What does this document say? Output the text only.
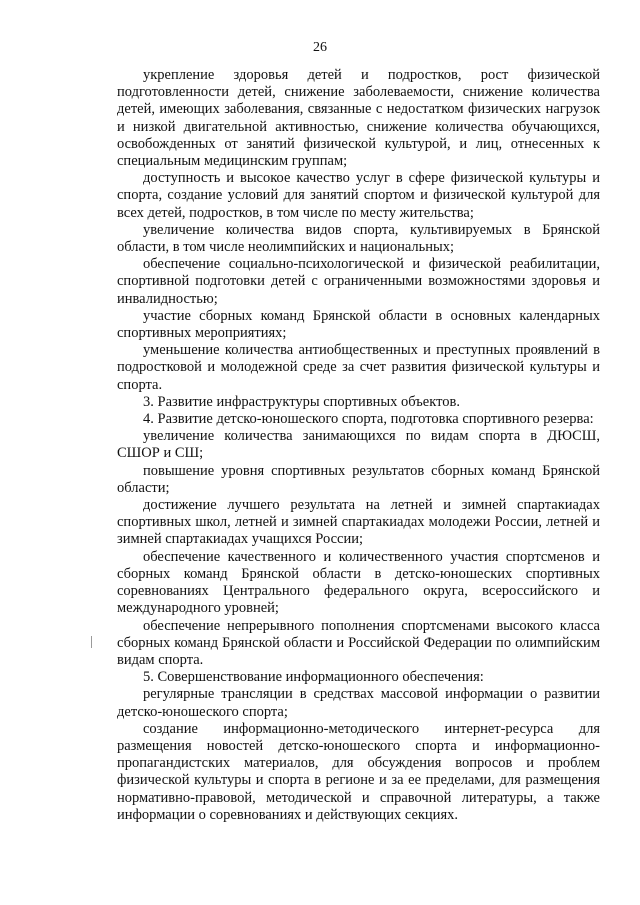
26

укрепление здоровья детей и подростков, рост физической подготовленности детей, снижение заболеваемости, снижение количества детей, имеющих заболевания, связанные с недостатком физических нагрузок и низкой двигательной активностью, снижение количества обучающихся, освобожденных от занятий физической культурой, и лиц, отнесенных к специальным медицинским группам;

доступность и высокое качество услуг в сфере физической культуры и спорта, создание условий для занятий спортом и физической культурой для всех детей, подростков, в том числе по месту жительства;

увеличение количества видов спорта, культивируемых в Брянской области, в том числе неолимпийских и национальных;

обеспечение социально-психологической и физической реабилитации, спортивной подготовки детей с ограниченными возможностями здоровья и инвалидностью;

участие сборных команд Брянской области в основных календарных спортивных мероприятиях;

уменьшение количества антиобщественных и преступных проявлений в подростковой и молодежной среде за счет развития физической культуры и спорта.

3. Развитие инфраструктуры спортивных объектов.

4. Развитие детско-юношеского спорта, подготовка спортивного резерва:

увеличение количества занимающихся по видам спорта в ДЮСШ, СШОР и СШ;

повышение уровня спортивных результатов сборных команд Брянской области;

достижение лучшего результата на летней и зимней спартакиадах спортивных школ, летней и зимней спартакиадах молодежи России, летней и зимней спартакиадах учащихся России;

обеспечение качественного и количественного участия спортсменов и сборных команд Брянской области в детско-юношеских спортивных соревнованиях Центрального федерального округа, всероссийского и международного уровней;

обеспечение непрерывного пополнения спортсменами высокого класса сборных команд Брянской области и Российской Федерации по олимпийским видам спорта.

5. Совершенствование информационного обеспечения:

регулярные трансляции в средствах массовой информации о развитии детско-юношеского спорта;

создание информационно-методического интернет-ресурса для размещения новостей детско-юношеского спорта и информационно-пропагандистских материалов, для обсуждения вопросов и проблем физической культуры и спорта в регионе и за ее пределами, для размещения нормативно-правовой, методической и справочной литературы, а также информации о соревнованиях и действующих секциях.
